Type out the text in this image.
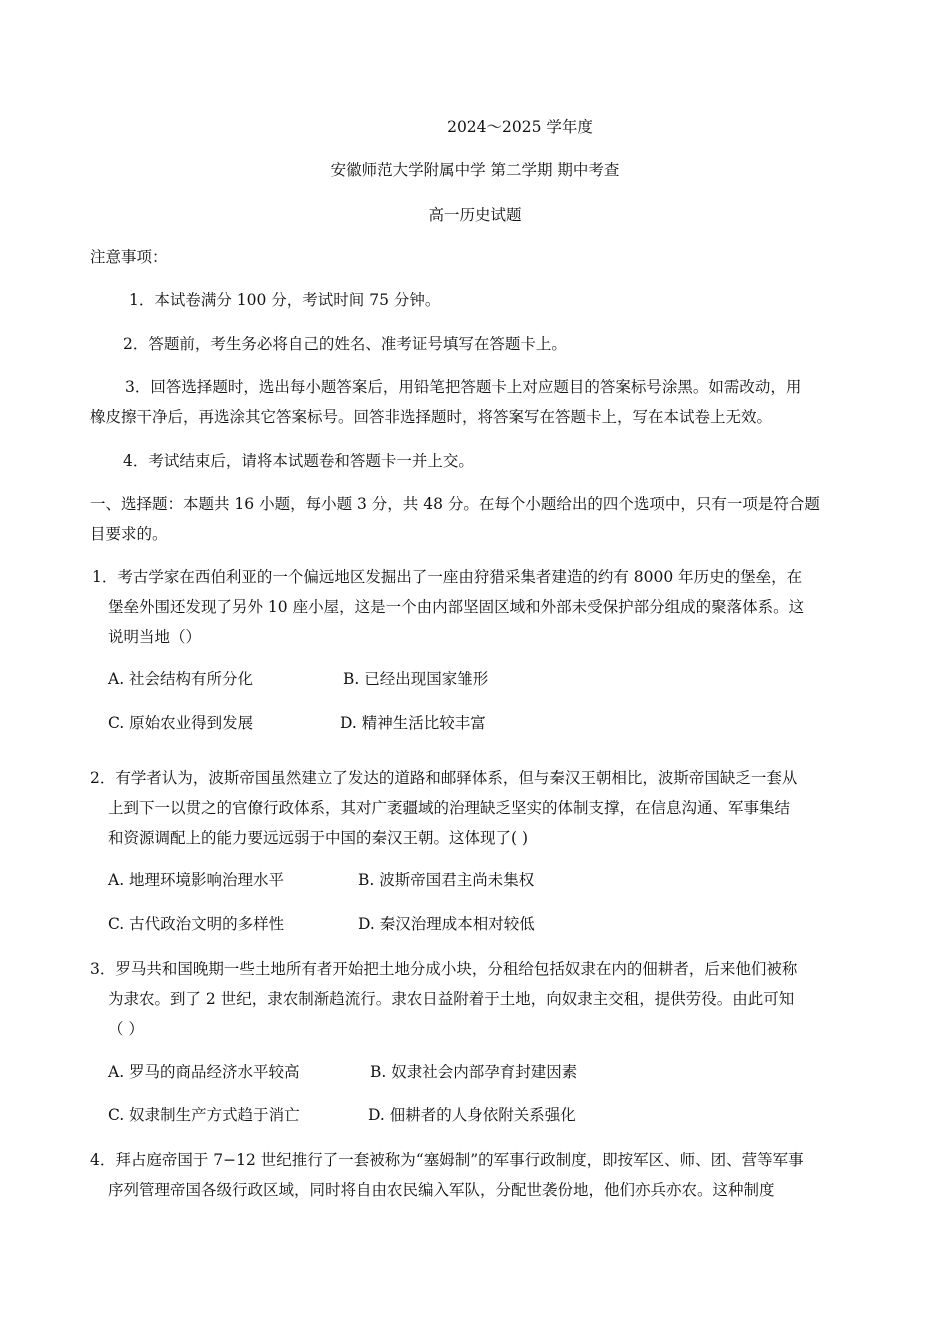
2024～2025 学年度
安徽师范大学附属中学 第二学期 期中考查
高一历史试题
注意事项：
1．本试卷满分 100 分，考试时间 75 分钟。
2．答题前，考生务必将自己的姓名、准考证号填写在答题卡上。
3．回答选择题时，选出每小题答案后，用铅笔把答题卡上对应题目的答案标号涂黑。如需改动，用
橡皮擦干净后，再选涂其它答案标号。回答非选择题时，将答案写在答题卡上，写在本试卷上无效。
4．考试结束后，请将本试题卷和答题卡一并上交。
一、选择题：本题共 16 小题，每小题 3 分，共 48 分。在每个小题给出的四个选项中，只有一项是符合题
目要求的。
1．考古学家在西伯利亚的一个偏远地区发掘出了一座由狩猎采集者建造的约有 8000 年历史的堡垒，在
堡垒外围还发现了另外 10 座小屋，这是一个由内部坚固区域和外部未受保护部分组成的聚落体系。这
说明当地（）
A. 社会结构有所分化	B. 已经出现国家雏形
C. 原始农业得到发展	D. 精神生活比较丰富
2．有学者认为，波斯帝国虽然建立了发达的道路和邮驿体系，但与秦汉王朝相比，波斯帝国缺乏一套从
上到下一以贯之的官僚行政体系，其对广袤疆域的治理缺乏坚实的体制支撑，在信息沟通、军事集结
和资源调配上的能力要远远弱于中国的秦汉王朝。这体现了( )
A. 地理环境影响治理水平	B. 波斯帝国君主尚未集权
C. 古代政治文明的多样性	D. 秦汉治理成本相对较低
3．罗马共和国晚期一些土地所有者开始把土地分成小块，分租给包括奴隶在内的佃耕者，后来他们被称
为隶农。到了 2 世纪，隶农制渐趋流行。隶农日益附着于土地，向奴隶主交租，提供劳役。由此可知
（ ）
A. 罗马的商品经济水平较高	B. 奴隶社会内部孕育封建因素
C. 奴隶制生产方式趋于消亡	D. 佃耕者的人身依附关系强化
4．拜占庭帝国于 7−12 世纪推行了一套被称为“塞姆制”的军事行政制度，即按军区、师、团、营等军事
序列管理帝国各级行政区域，同时将自由农民编入军队，分配世袭份地，他们亦兵亦农。这种制度
